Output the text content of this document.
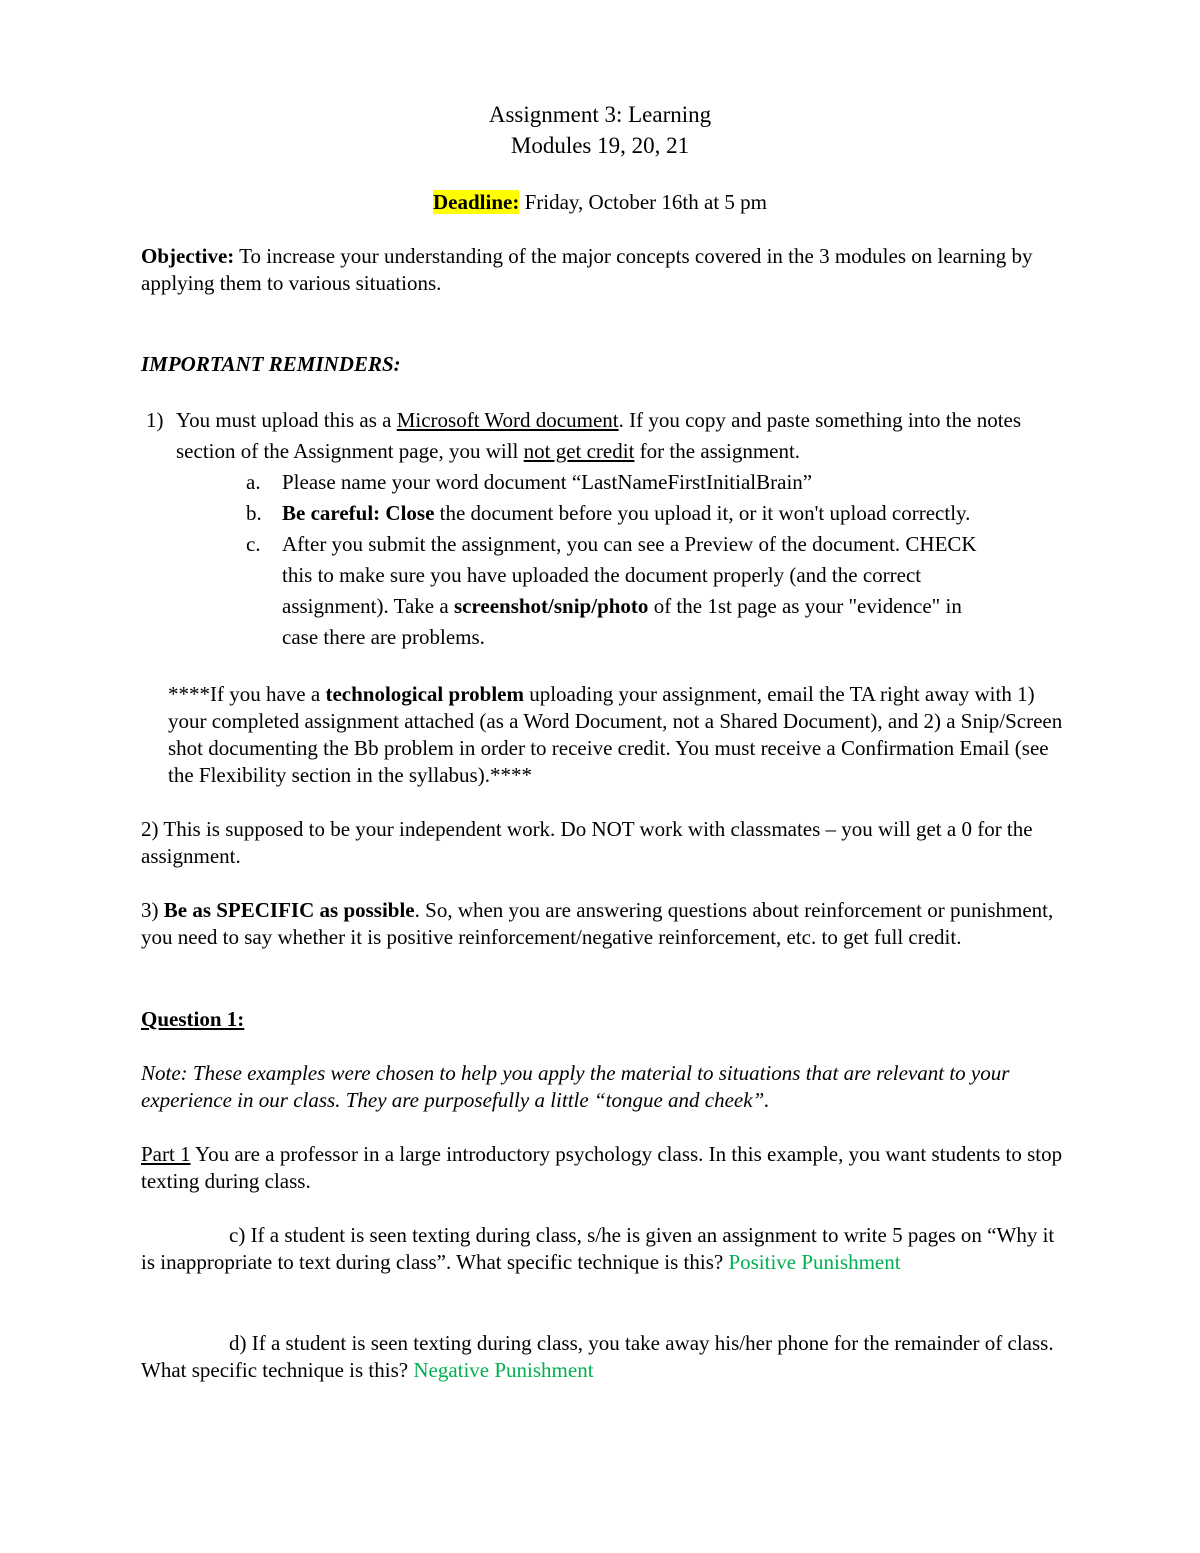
Assignment 3: Learning
Modules 19, 20, 21
Deadline: Friday, October 16th at 5 pm

Objective: To increase your understanding of the major concepts covered in the 3 modules on learning by applying them to various situations.

IMPORTANT REMINDERS:
1) You must upload this as a Microsoft Word document. If you copy and paste something into the notes section of the Assignment page, you will not get credit for the assignment.

a. Please name your word document “LastNameFirstInitialBrain”

b. Be careful: Close the document before you upload it, or it won't upload correctly.

c. After you submit the assignment, you can see a Preview of the document. CHECK this to make sure you have uploaded the document properly (and the correct assignment). Take a screenshot/snip/photo of the 1st page as your "evidence" in case there are problems.

****If you have a technological problem uploading your assignment, email the TA right away with 1) your completed assignment attached (as a Word Document, not a Shared Document), and 2) a Snip/Screen shot documenting the Bb problem in order to receive credit. You must receive a Confirmation Email (see the Flexibility section in the syllabus).****

2) This is supposed to be your independent work. Do NOT work with classmates – you will get a 0 for the assignment.

3) Be as SPECIFIC as possible. So, when you are answering questions about reinforcement or punishment, you need to say whether it is positive reinforcement/negative reinforcement, etc. to get full credit.

Question 1:

Note: These examples were chosen to help you apply the material to situations that are relevant to your experience in our class. They are purposefully a little “tongue and cheek”.

Part 1 You are a professor in a large introductory psychology class. In this example, you want students to stop texting during class.

c) If a student is seen texting during class, s/he is given an assignment to write 5 pages on “Why it is inappropriate to text during class”. What specific technique is this? Positive Punishment

d) If a student is seen texting during class, you take away his/her phone for the remainder of class. What specific technique is this? Negative Punishment
